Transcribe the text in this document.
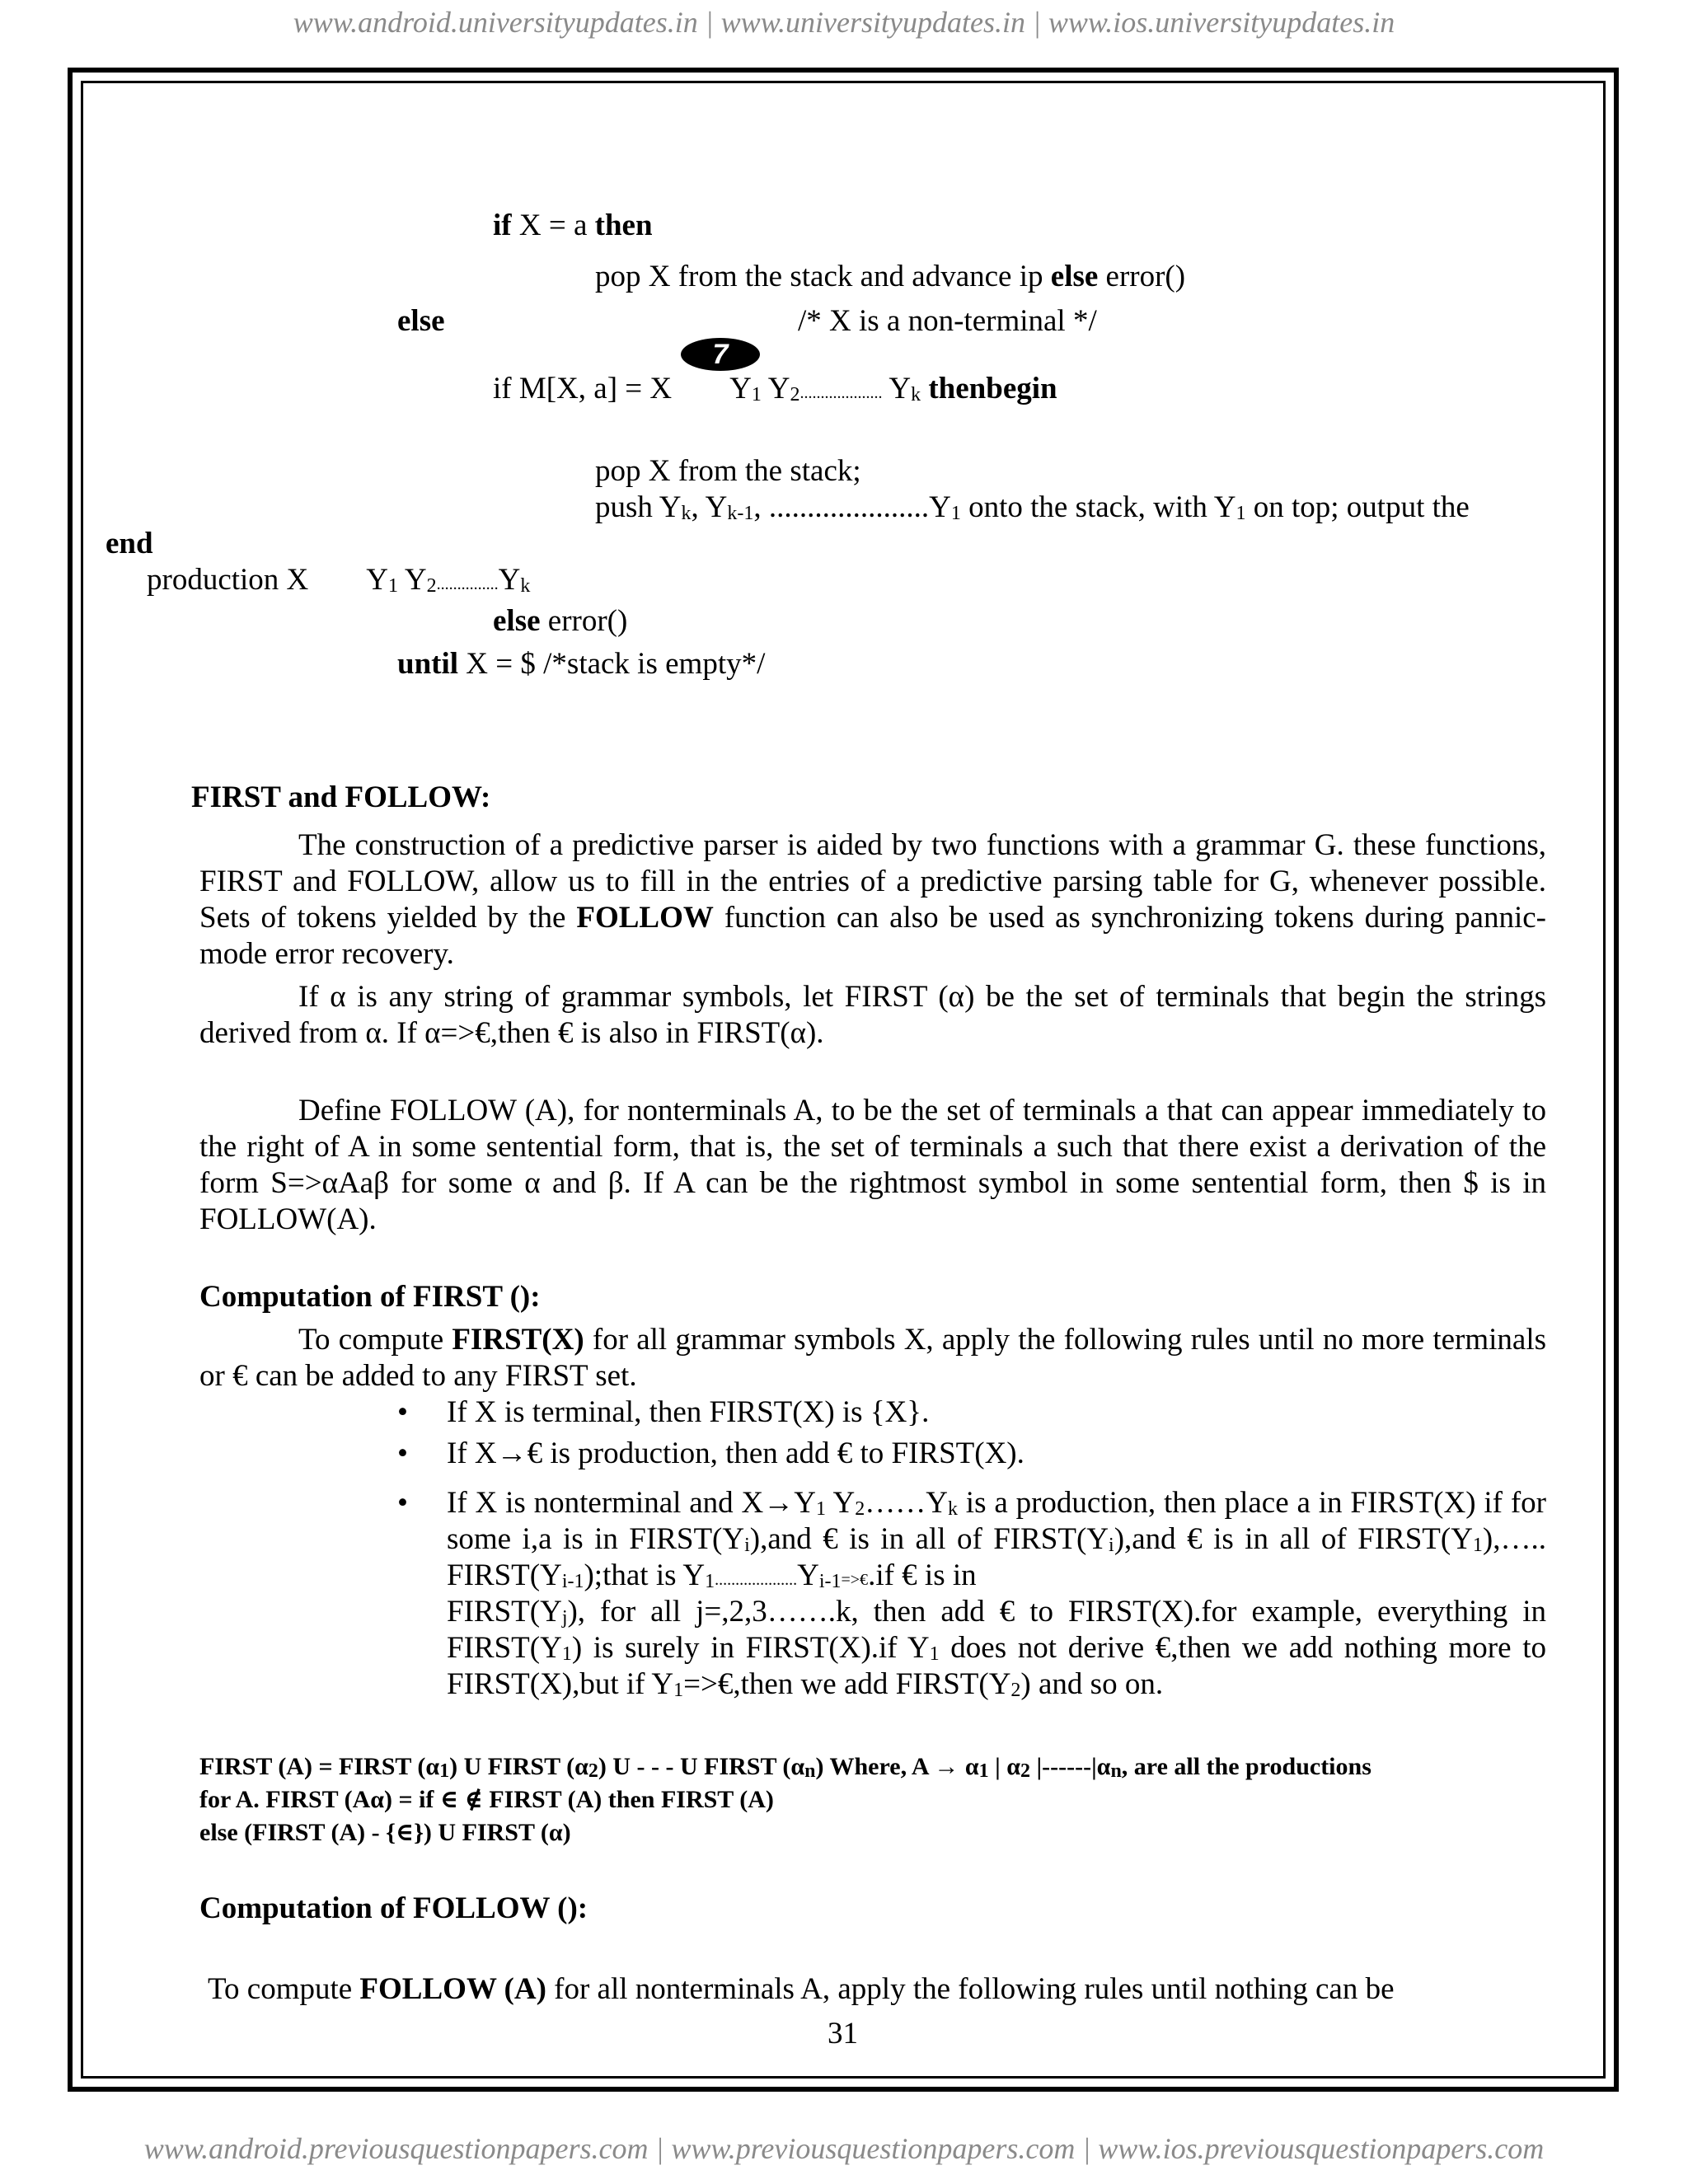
www.android.universityupdates.in | www.universityupdates.in | www.ios.universityupdates.in
if X = a then
pop X from the stack and advance ip else error()
else	/* X is a non-terminal */
7
if M[X, a] = X $Y_1$ $Y_2$.................... $Y_k$ thenbegin
pop X from the stack;
push $Y_k$, $Y_{k-1}$, $.....................Y_1$ onto the stack, with $Y_1$ on top; output the
end
production X $Y_1$ $Y_2...............Y_k$
else error()
until X = $ /*stack is empty*/
FIRST and FOLLOW:
The construction of a predictive parser is aided by two functions with a grammar G. these functions, FIRST and FOLLOW, allow us to fill in the entries of a predictive parsing table for G, whenever possible. Sets of tokens yielded by the FOLLOW function can also be used as synchronizing tokens during pannic-mode error recovery.
If α is any string of grammar symbols, let FIRST (α) be the set of terminals that begin the strings derived from α. If α=>€,then € is also in FIRST(α).
Define FOLLOW (A), for nonterminals A, to be the set of terminals a that can appear immediately to the right of A in some sentential form, that is, the set of terminals a such that there exist a derivation of the form S=>αAaβ for some α and β. If A can be the rightmost symbol in some sentential form, then $ is in FOLLOW(A).
Computation of FIRST ():
To compute FIRST(X) for all grammar symbols X, apply the following rules until no more terminals or € can be added to any FIRST set.
• If X is terminal, then FIRST(X) is {X}.
• If X→€ is production, then add € to FIRST(X).
• If X is nonterminal and $X\to Y_1$ $Y_2\dots\dots Y_k$ is a production, then place a in FIRST(X) if for some i,a is in $FIRST(Y_i),and$ € is in all of $FIRST(Y_i),and$ € is in all of $FIRST(Y_1),\dots$.. $FIRST(Y_{i-1});that$ is $Y_1....................Y_{i-1}=>€.if$ € is in
$FIRST(Y_j)$, for all j=,2,3…….k, then add € to FIRST(X).for example, everything in $FIRST(Y_1)$ is surely in FIRST(X).if $Y_1$ does not derive €,then we add nothing more to FIRST(X),but if $Y_1=>€,then$ we add $FIRST(Y_2)$ and so on.
FIRST (A) = FIRST $(\alpha_1)$ U FIRST $(\alpha_2)$ U - - - U FIRST $(\alpha_n)$ Where, $A \to \alpha_1$ | $\alpha_2$ $|------|\alpha_n$, are all the productions
for A. FIRST (Aα) = if ∈ ∉ FIRST (A) then FIRST (A)
else (FIRST (A) - {∈}) U FIRST (α)
Computation of FOLLOW ():
To compute FOLLOW (A) for all nonterminals A, apply the following rules until nothing can be
31
www.android.previousquestionpapers.com | www.previousquestionpapers.com | www.ios.previousquestionpapers.com
